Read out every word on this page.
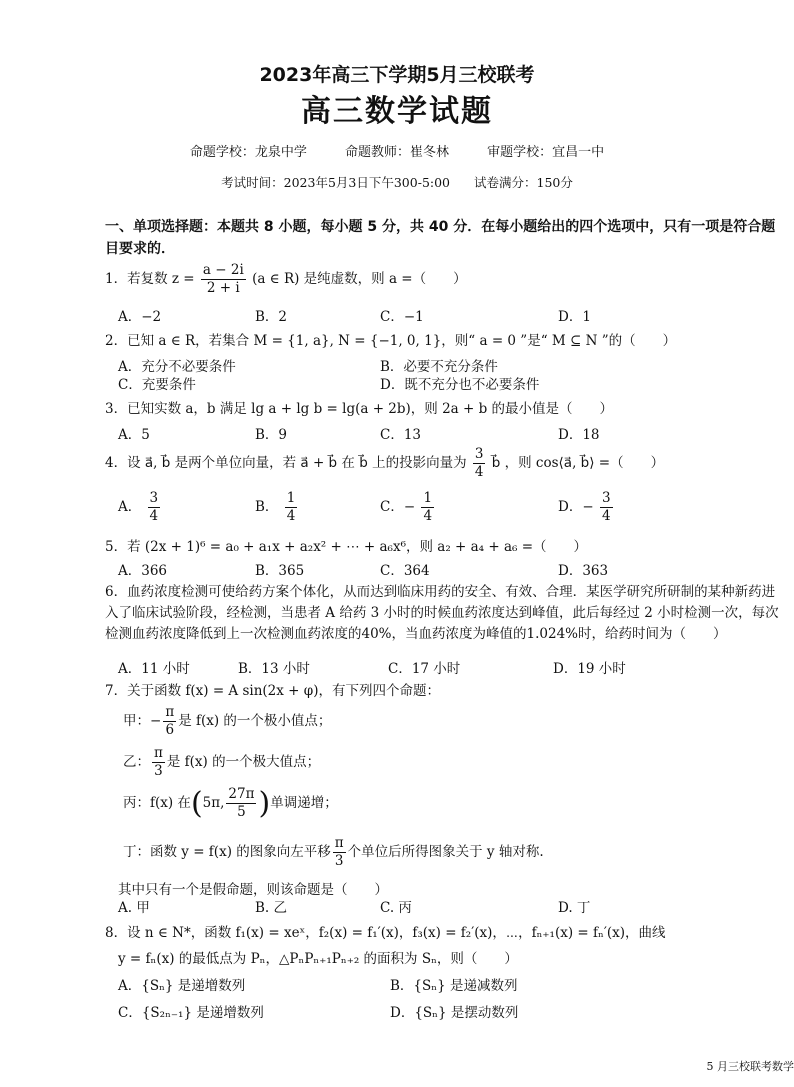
2023年高三下学期5月三校联考
高三数学试题
命题学校：龙泉中学	命题教师：崔冬林	审题学校：宜昌一中
考试时间：2023年5月3日下午300-5:00 试卷满分：150分
一、单项选择题：本题共 8 小题，每小题 5 分，共 40 分．在每小题给出的四个选项中，只有一项是符合题目要求的．
1．若复数 $z = \frac{a - 2i}{2 + i} (a$ ∈ R) 是纯虚数，则 a =（　　）
A．−2	B．2	C．−1	D．1
2．已知 a ∈ R，若集合 M = {1, a}, N = {−1, 0, 1}，则“ a = 0 ”是“ M ⊆ N ”的（　　）
A．充分不必要条件	B．必要不充分条件
C．充要条件	D．既不充分也不必要条件
3．已知实数 a，b 满足 lg a + lg b = lg(a + 2b)，则 2a + b 的最小值是（　　）
A．5	B．9	C．13	D．18
4．设 a⃗, b⃗ 是两个单位向量，若 a⃗ + b⃗ 在 b⃗ 上的投影向量为 $\frac{3}{4}$ b⃗ ，则 cos⟨a⃗, b⃗⟩ =（　　）
A． $\frac{3}{4}$	B． $\frac{1}{4}$	C．− $\frac{1}{4}$	D．− $\frac{3}{4}$
5．若 (2x + 1)⁶ = a₀ + a₁x + a₂x² + ⋯ + a₆x⁶，则 a₂ + a₄ + a₆ =（　　）
A．366	B．365	C．364	D．363
6．血药浓度检测可使给药方案个体化，从而达到临床用药的安全、有效、合理．某医学研究所研制的某种新药进入了临床试验阶段，经检测，当患者 A 给药 3 小时的时候血药浓度达到峰值，此后每经过 2 小时检测一次，每次检测血药浓度降低到上一次检测血药浓度的40%，当血药浓度为峰值的1.024%时，给药时间为（　　）
A．11 小时	B．13 小时	C．17 小时	D．19 小时
7．关于函数 f(x) = A sin(2x + φ)，有下列四个命题：
甲：− $\frac{\pi}{6}$ 是 f(x) 的一个极小值点；
乙： $\frac{\pi}{3}$ 是 f(x) 的一个极大值点；
丙：f(x) 在(5π, $\frac{27\pi}{5}$ )单调递增；
丁：函数 y = f(x) 的图象向左平移 $\frac{\pi}{3}$ 个单位后所得图象关于 y 轴对称.
其中只有一个是假命题，则该命题是（　　）
A. 甲	B. 乙	C. 丙	D. 丁
8．设 n ∈ N*，函数 f₁(x) = xeˣ，f₂(x) = f₁′(x)，f₃(x) = f₂′(x)，⋯，fₙ₊₁(x) = fₙ′(x)，曲线
y = fₙ(x) 的最低点为 Pₙ，△PₙPₙ₊₁Pₙ₊₂ 的面积为 Sₙ，则（　　）
A．{Sₙ} 是递增数列	B．{Sₙ} 是递减数列
C．{S₂ₙ₋₁} 是递增数列	D．{Sₙ} 是摆动数列
5 月三校联考数学
